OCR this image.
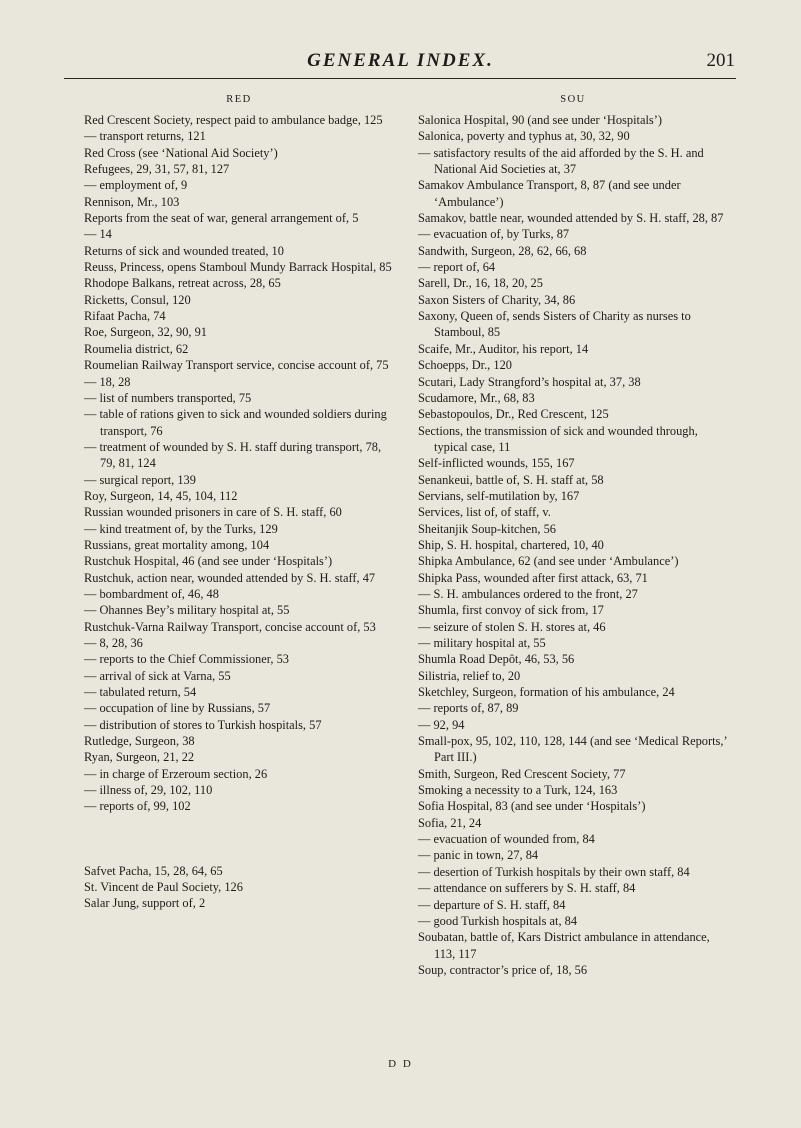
GENERAL INDEX.	201
RED
Red Crescent Society, respect paid to ambulance badge, 125
— transport returns, 121
Red Cross (see ‘National Aid Society’)
Refugees, 29, 31, 57, 81, 127
— employment of, 9
Rennison, Mr., 103
Reports from the seat of war, general arrangement of, 5
— 14
Returns of sick and wounded treated, 10
Reuss, Princess, opens Stamboul Mundy Barrack Hospital, 85
Rhodope Balkans, retreat across, 28, 65
Ricketts, Consul, 120
Rifaat Pacha, 74
Roe, Surgeon, 32, 90, 91
Roumelia district, 62
Roumelian Railway Transport service, concise account of, 75
— 18, 28
— list of numbers transported, 75
— table of rations given to sick and wounded soldiers during transport, 76
— treatment of wounded by S. H. staff during transport, 78, 79, 81, 124
— surgical report, 139
Roy, Surgeon, 14, 45, 104, 112
Russian wounded prisoners in care of S. H. staff, 60
— kind treatment of, by the Turks, 129
Russians, great mortality among, 104
Rustchuk Hospital, 46 (and see under ‘Hospitals’)
Rustchuk, action near, wounded attended by S. H. staff, 47
— bombardment of, 46, 48
— Ohannes Bey’s military hospital at, 55
Rustchuk-Varna Railway Transport, concise account of, 53
— 8, 28, 36
— reports to the Chief Commissioner, 53
— arrival of sick at Varna, 55
— tabulated return, 54
— occupation of line by Russians, 57
— distribution of stores to Turkish hospitals, 57
Rutledge, Surgeon, 38
Ryan, Surgeon, 21, 22
— in charge of Erzeroum section, 26
— illness of, 29, 102, 110
— reports of, 99, 102
Safvet Pacha, 15, 28, 64, 65
St. Vincent de Paul Society, 126
Salar Jung, support of, 2
SOU
Salonica Hospital, 90 (and see under ‘Hospitals’)
Salonica, poverty and typhus at, 30, 32, 90
— satisfactory results of the aid afforded by the S. H. and National Aid Societies at, 37
Samakov Ambulance Transport, 8, 87 (and see under ‘Ambulance’)
Samakov, battle near, wounded attended by S. H. staff, 28, 87
— evacuation of, by Turks, 87
Sandwith, Surgeon, 28, 62, 66, 68
— report of, 64
Sarell, Dr., 16, 18, 20, 25
Saxon Sisters of Charity, 34, 86
Saxony, Queen of, sends Sisters of Charity as nurses to Stamboul, 85
Scaife, Mr., Auditor, his report, 14
Schoepps, Dr., 120
Scutari, Lady Strangford’s hospital at, 37, 38
Scudamore, Mr., 68, 83
Sebastopoulos, Dr., Red Crescent, 125
Sections, the transmission of sick and wounded through, typical case, 11
Self-inflicted wounds, 155, 167
Senankeui, battle of, S. H. staff at, 58
Servians, self-mutilation by, 167
Services, list of, of staff, v.
Sheitanjik Soup-kitchen, 56
Ship, S. H. hospital, chartered, 10, 40
Shipka Ambulance, 62 (and see under ‘Ambulance’)
Shipka Pass, wounded after first attack, 63, 71
— S. H. ambulances ordered to the front, 27
Shumla, first convoy of sick from, 17
— seizure of stolen S. H. stores at, 46
— military hospital at, 55
Shumla Road Depôt, 46, 53, 56
Silistria, relief to, 20
Sketchley, Surgeon, formation of his ambulance, 24
— reports of, 87, 89
— 92, 94
Small-pox, 95, 102, 110, 128, 144 (and see ‘Medical Reports,’ Part III.)
Smith, Surgeon, Red Crescent Society, 77
Smoking a necessity to a Turk, 124, 163
Sofia Hospital, 83 (and see under ‘Hospitals’)
Sofia, 21, 24
— evacuation of wounded from, 84
— panic in town, 27, 84
— desertion of Turkish hospitals by their own staff, 84
— attendance on sufferers by S. H. staff, 84
— departure of S. H. staff, 84
— good Turkish hospitals at, 84
Soubatan, battle of, Kars District ambulance in attendance, 113, 117
Soup, contractor’s price of, 18, 56
D D
